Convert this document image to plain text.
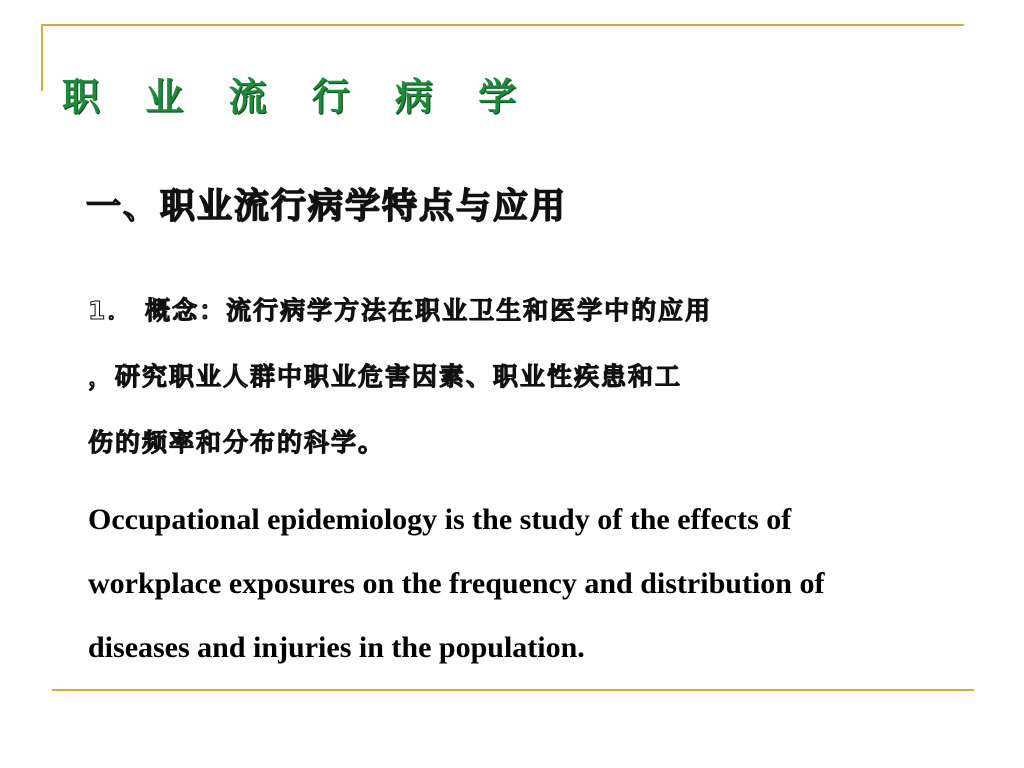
职 业 流 行 病 学
一、职业流行病学特点与应用
1． 概念：流行病学方法在职业卫生和医学中的应用
，研究职业人群中职业危害因素、职业性疾患和工
伤的频率和分布的科学。
Occupational epidemiology is the study of the effects of
workplace exposures on the frequency and distribution of
diseases and injuries in the population.
